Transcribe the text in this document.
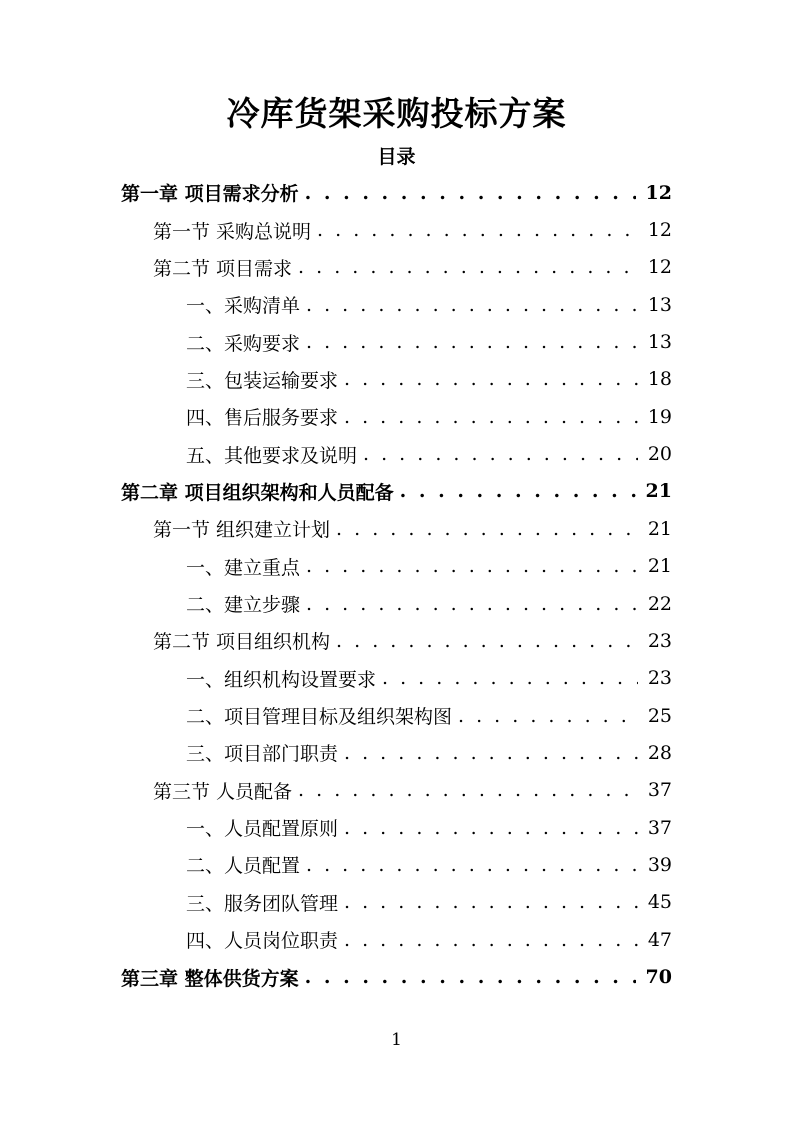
冷库货架采购投标方案
目录
第一章 项目需求分析 . . .	12
第一节 采购总说明 . . .	12
第二节 项目需求 . . .	12
一、采购清单 . . .	13
二、采购要求 . . .	13
三、包装运输要求 . . .	18
四、售后服务要求 . . .	19
五、其他要求及说明 . . .	20
第二章 项目组织架构和人员配备 . . .	21
第一节 组织建立计划 . . .	21
一、建立重点 . . .	21
二、建立步骤 . . .	22
第二节 项目组织机构 . . .	23
一、组织机构设置要求 . . .	23
二、项目管理目标及组织架构图 . . .	25
三、项目部门职责 . . .	28
第三节 人员配备 . . .	37
一、人员配置原则 . . .	37
二、人员配置 . . .	39
三、服务团队管理 . . .	45
四、人员岗位职责 . . .	47
第三章 整体供货方案 . . .	70
1
